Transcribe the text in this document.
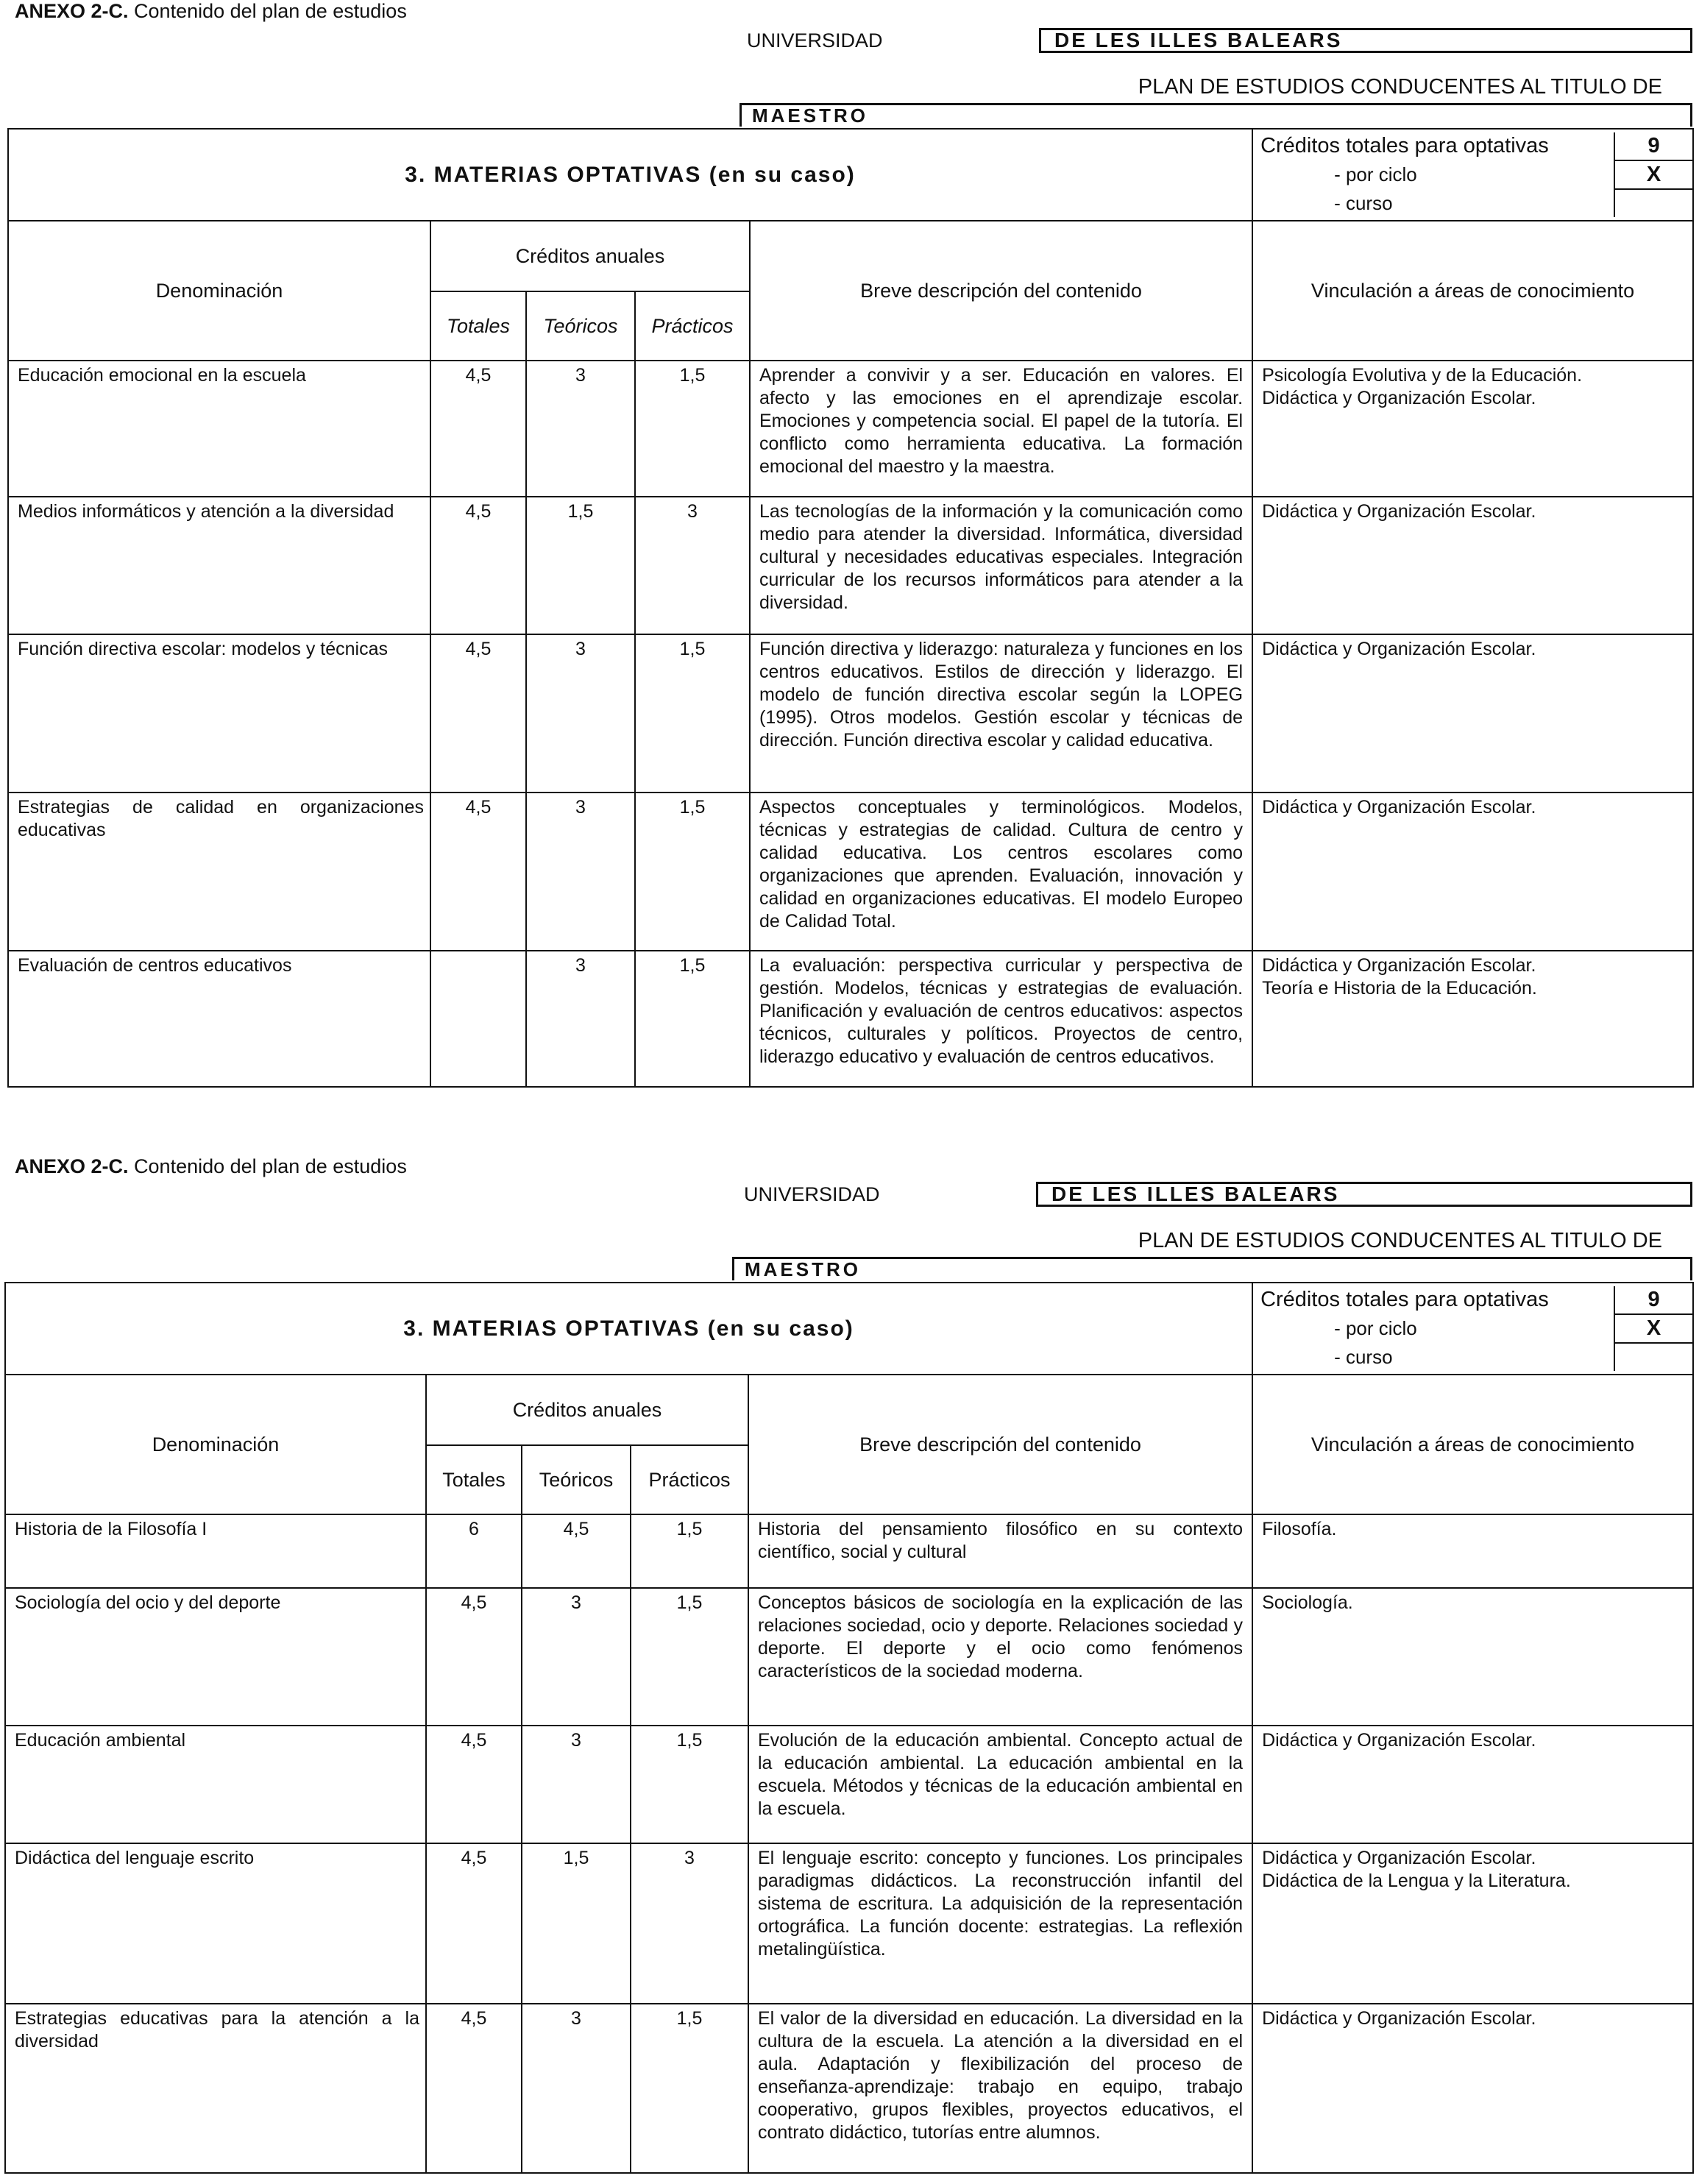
ANEXO 2-C. Contenido del plan de estudios
UNIVERSIDAD	DE LES ILLES BALEARS
PLAN DE ESTUDIOS CONDUCENTES AL TITULO DE
MAESTRO
3. MATERIAS OPTATIVAS (en su caso)					Créditos totales para optativas 9
- por ciclo X
- curso

Denominación	Créditos anuales			Breve descripción del contenido	Vinculación a áreas de conocimiento
	Totales	Teóricos	Prácticos		
Educación emocional en la escuela	4,5	3	1,5	Aprender a convivir y a ser. Educación en valores. El afecto y las emociones en el aprendizaje escolar. Emociones y competencia social. El papel de la tutoría. El conflicto como herramienta educativa. La formación emocional del maestro y la maestra.	Psicología Evolutiva y de la Educación.
Didáctica y Organización Escolar.

Medios informáticos y atención a la diversidad	4,5	1,5	3	Las tecnologías de la información y la comunicación como medio para atender la diversidad. Informática, diversidad cultural y necesidades educativas especiales. Integración curricular de los recursos informáticos para atender a la diversidad.	Didáctica y Organización Escolar.

Función directiva escolar: modelos y técnicas	4,5	3	1,5	Función directiva y liderazgo: naturaleza y funciones en los centros educativos. Estilos de dirección y liderazgo. El modelo de función directiva escolar según la LOPEG (1995). Otros modelos. Gestión escolar y técnicas de dirección. Función directiva escolar y calidad educativa.	Didáctica y Organización Escolar.

Estrategias de calidad en organizaciones educativas	4,5	3	1,5	Aspectos conceptuales y terminológicos. Modelos, técnicas y estrategias de calidad. Cultura de centro y calidad educativa. Los centros escolares como organizaciones que aprenden. Evaluación, innovación y calidad en organizaciones educativas. El modelo Europeo de Calidad Total.	Didáctica y Organización Escolar.

Evaluación de centros educativos		3	1,5	La evaluación: perspectiva curricular y perspectiva de gestión. Modelos, técnicas y estrategias de evaluación. Planificación y evaluación de centros educativos: aspectos técnicos, culturales y políticos. Proyectos de centro, liderazgo educativo y evaluación de centros educativos.	Didáctica y Organización Escolar.
Teoría e Historia de la Educación.
ANEXO 2-C. Contenido del plan de estudios
UNIVERSIDAD	DE LES ILLES BALEARS
PLAN DE ESTUDIOS CONDUCENTES AL TITULO DE
MAESTRO
3. MATERIAS OPTATIVAS (en su caso)					Créditos totales para optativas 9
- por ciclo X
- curso

Denominación	Créditos anuales			Breve descripción del contenido	Vinculación a áreas de conocimiento
	Totales	Teóricos	Prácticos		
Historia de la Filosofía I	6	4,5	1,5	Historia del pensamiento filosófico en su contexto científico, social y cultural	Filosofía.

Sociología del ocio y del deporte	4,5	3	1,5	Conceptos básicos de sociología en la explicación de las relaciones sociedad, ocio y deporte. Relaciones sociedad y deporte. El deporte y el ocio como fenómenos característicos de la sociedad moderna.	Sociología.

Educación ambiental	4,5	3	1,5	Evolución de la educación ambiental. Concepto actual de la educación ambiental. La educación ambiental en la escuela. Métodos y técnicas de la educación ambiental en la escuela.	Didáctica y Organización Escolar.

Didáctica del lenguaje escrito	4,5	1,5	3	El lenguaje escrito: concepto y funciones. Los principales paradigmas didácticos. La reconstrucción infantil del sistema de escritura. La adquisición de la representación ortográfica. La función docente: estrategias. La reflexión metalingüística.	Didáctica y Organización Escolar.
Didáctica de la Lengua y la Literatura.

Estrategias educativas para la atención a la diversidad	4,5	3	1,5	El valor de la diversidad en educación. La diversidad en la cultura de la escuela. La atención a la diversidad en el aula. Adaptación y flexibilización del proceso de enseñanza-aprendizaje: trabajo en equipo, trabajo cooperativo, grupos flexibles, proyectos educativos, el contrato didáctico, tutorías entre alumnos.	Didáctica y Organización Escolar.
